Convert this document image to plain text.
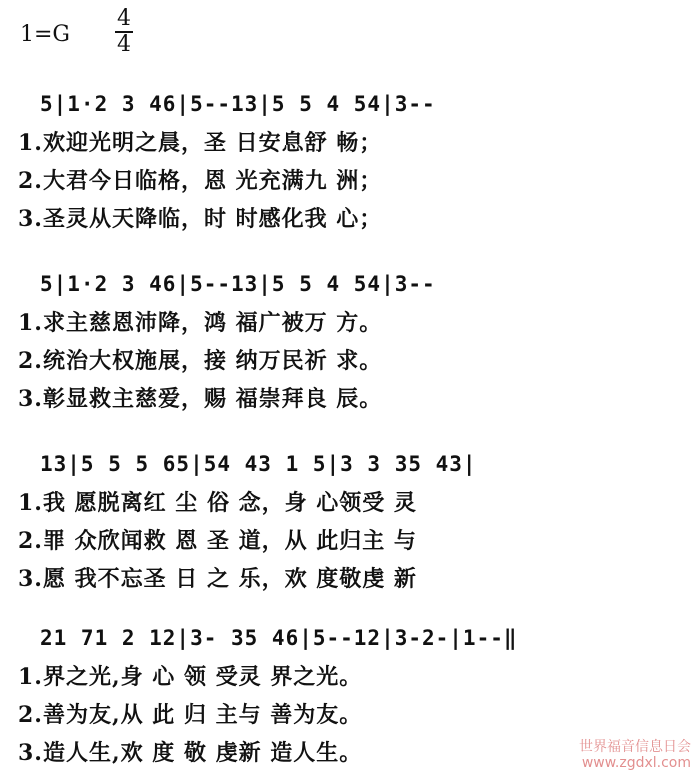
1=G
4
4
5|1·2 3 46|5--13|5 5 4 54|3--
1.欢迎光明之晨，圣 日安息舒 畅；
2.大君今日临格，恩 光充满九 洲；
3.圣灵从天降临，时 时感化我 心；
5|1·2 3 46|5--13|5 5 4 54|3--
1.求主慈恩沛降，鸿 福广被万 方。
2.统治大权施展，接 纳万民祈 求。
3.彰显救主慈爱，赐 福崇拜良 辰。
13|5 5 5 65|54 43 1 5|3 3 35 43|
1.我 愿脱离红 尘 俗 念，身 心领受 灵
2.罪 众欣闻救 恩 圣 道，从 此归主 与
3.愿 我不忘圣 日 之 乐，欢 度敬虔 新
21 71 2 12|3- 35 46|5--12|3-2-|1--‖
1.界之光,身 心 领 受灵 界之光。
2.善为友,从 此 归 主与 善为友。
3.造人生,欢 度 敬 虔新 造人生。	世界福音信息日会
www.zgdxl.com
